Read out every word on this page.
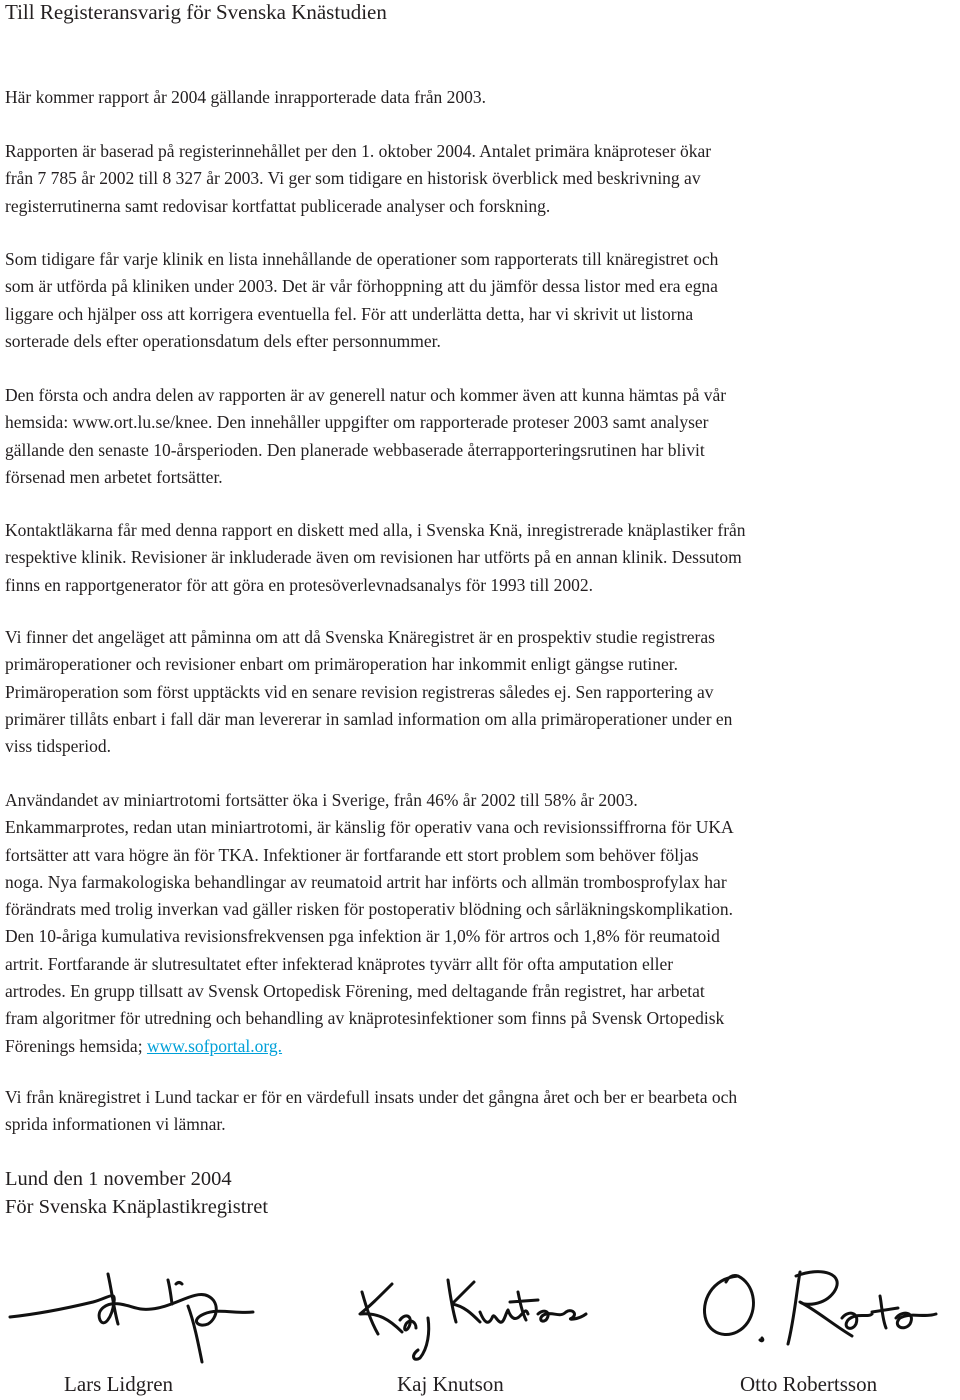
Till Registeransvarig för Svenska Knästudien

Här kommer rapport år 2004 gällande inrapporterade data från 2003.

Rapporten är baserad på registerinnehållet per den 1. oktober 2004. Antalet primära knäproteser ökar
från 7 785 år 2002 till 8 327 år 2003. Vi ger som tidigare en historisk överblick med beskrivning av
registerrutinerna samt redovisar kortfattat publicerade analyser och forskning.

Som tidigare får varje klinik en lista innehållande de operationer som rapporterats till knäregistret och
som är utförda på kliniken under 2003. Det är vår förhoppning att du jämför dessa listor med era egna
liggare och hjälper oss att korrigera eventuella fel. För att underlätta detta, har vi skrivit ut listorna
sorterade dels efter operationsdatum dels efter personnummer.

Den första och andra delen av rapporten är av generell natur och kommer även att kunna hämtas på vår
hemsida: www.ort.lu.se/knee. Den innehåller uppgifter om rapporterade proteser 2003 samt analyser
gällande den senaste 10-årsperioden. Den planerade webbaserade återrapporteringsrutinen har blivit
försenad men arbetet fortsätter.

Kontaktläkarna får med denna rapport en diskett med alla, i Svenska Knä, inregistrerade knäplastiker från
respektive klinik. Revisioner är inkluderade även om revisionen har utförts på en annan klinik. Dessutom
finns en rapportgenerator för att göra en protesöverlevnadsanalys för 1993 till 2002.

Vi finner det angeläget att påminna om att då Svenska Knäregistret är en prospektiv studie registreras
primäroperationer och revisioner enbart om primäroperation har inkommit enligt gängse rutiner.
Primäroperation som först upptäckts vid en senare revision registreras således ej. Sen rapportering av
primärer tillåts enbart i fall där man levererar in samlad information om alla primäroperationer under en
viss tidsperiod.

Användandet av miniartrotomi fortsätter öka i Sverige, från 46% år 2002 till 58% år 2003.
Enkammarprotes, redan utan miniartrotomi, är känslig för operativ vana och revisionssiffrorna för UKA
fortsätter att vara högre än för TKA. Infektioner är fortfarande ett stort problem som behöver följas
noga. Nya farmakologiska behandlingar av reumatoid artrit har införts och allmän trombosprofylax har
förändrats med trolig inverkan vad gäller risken för postoperativ blödning och sårläkningskomplikation.
Den 10-åriga kumulativa revisionsfrekvensen pga infektion är 1,0% för artros och 1,8% för reumatoid
artrit. Fortfarande är slutresultatet efter infekterad knäprotes tyvärr allt för ofta amputation eller
artrodes. En grupp tillsatt av Svensk Ortopedisk Förening, med deltagande från registret, har arbetat
fram algoritmer för utredning och behandling av knäprotesinfektioner som finns på Svensk Ortopedisk
Förenings hemsida; www.sofportal.org.

Vi från knäregistret i Lund tackar er för en värdefull insats under det gångna året och ber er bearbeta och
sprida informationen vi lämnar.

Lund den 1 november 2004
För Svenska Knäplastikregistret
Lars Lidgren	Kaj Knutson	Otto Robertsson
